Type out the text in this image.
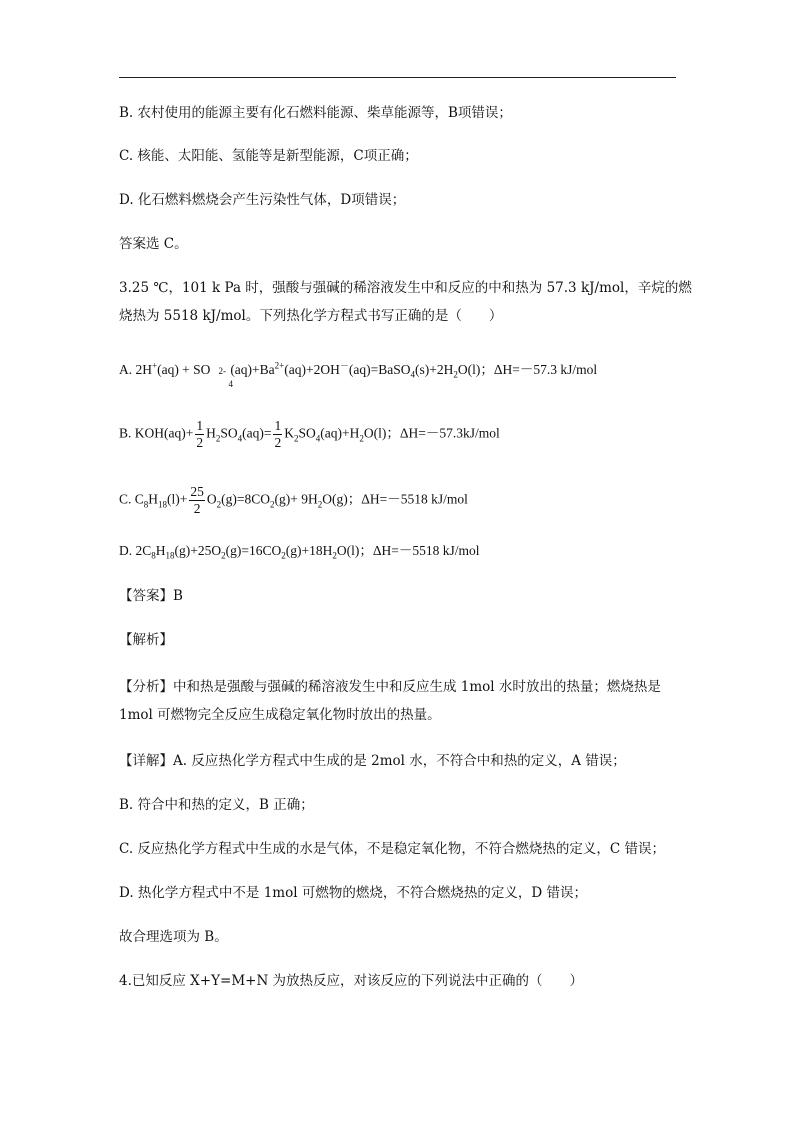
B. 农村使用的能源主要有化石燃料能源、柴草能源等，B项错误；
C. 核能、太阳能、氢能等是新型能源，C项正确；
D. 化石燃料燃烧会产生污染性气体，D项错误；
答案选 C。
3.25 ℃，101 k Pa 时，强酸与强碱的稀溶液发生中和反应的中和热为 57.3 kJ/mol，辛烷的燃
烧热为 5518 kJ/mol。下列热化学方程式书写正确的是（　　）
A. 2H+(aq) + SO 2-
4
$(aq)+Ba^{2+}(aq)+2OH^-(aq)=BaSO_4(s)+2H_2O(l)$；ΔH=－57.3 kJ/mol
B. $KOH(aq)+ \frac{1}{2} H_2SO_4(aq)= \frac{1}{2} K_2SO_4(aq)+H_2O(l)$；ΔH=－57.3kJ/mol
C. $C_8H_{18}(l)+ \frac{25}{2} O_2(g)=8CO_2(g)+ 9H_2O(g)$；ΔH=－5518 kJ/mol
D. $2C_8H_{18}(g)+25O_2(g)=16CO_2(g)+18H_2O(l)$；ΔH=－5518 kJ/mol
【答案】B
【解析】
【分析】中和热是强酸与强碱的稀溶液发生中和反应生成 1mol 水时放出的热量；燃烧热是
1mol 可燃物完全反应生成稳定氧化物时放出的热量。
【详解】A. 反应热化学方程式中生成的是 2mol 水，不符合中和热的定义，A 错误；
B. 符合中和热的定义，B 正确；
C. 反应热化学方程式中生成的水是气体，不是稳定氧化物，不符合燃烧热的定义，C 错误；
D. 热化学方程式中不是 1mol 可燃物的燃烧，不符合燃烧热的定义，D 错误；
故合理选项为 B。
4.已知反应 X+Y=M+N 为放热反应，对该反应的下列说法中正确的（　　）
